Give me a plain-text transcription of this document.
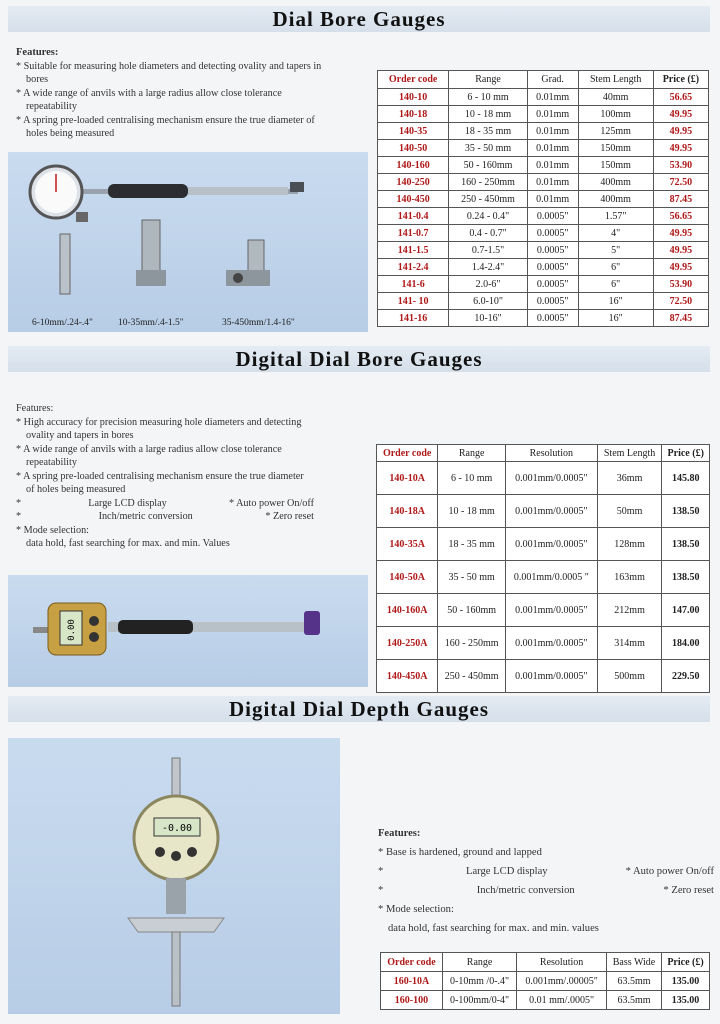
Dial Bore Gauges
Features:
* Suitable for measuring hole diameters and detecting ovality and tapers in bores
* A wide range of anvils with a large radius allow close tolerance repeatability
* A spring pre-loaded centralising mechanism ensure the true diameter of holes being measured
6-10mm/.24-.4"	10-35mm/.4-1.5"	35-450mm/1.4-16"
Order code	Range	Grad.	Stem Length	Price (£)
140-10	6 - 10 mm	0.01mm	40mm	56.65
140-18	10 - 18 mm	0.01mm	100mm	49.95
140-35	18 - 35 mm	0.01mm	125mm	49.95
140-50	35 - 50 mm	0.01mm	150mm	49.95
140-160	50 - 160mm	0.01mm	150mm	53.90
140-250	160 - 250mm	0.01mm	400mm	72.50
140-450	250 - 450mm	0.01mm	400mm	87.45
141-0.4	0.24 - 0.4"	0.0005"	1.57"	56.65
141-0.7	0.4 - 0.7"	0.0005"	4"	49.95
141-1.5	0.7-1.5"	0.0005"	5"	49.95
141-2.4	1.4-2.4"	0.0005"	6"	49.95
141-6	2.0-6"	0.0005"	6"	53.90
141- 10	6.0-10"	0.0005"	16"	72.50
141-16	10-16"	0.0005"	16"	87.45
Digital Dial Bore Gauges
Features:
* High accuracy for precision measuring hole diameters and detecting ovality and tapers in bores
* A wide range of anvils with a large radius allow close tolerance repeatability
* A spring pre-loaded centralising mechanism ensure the true diameter of holes being measured
* Large LCD display	* Auto power On/off
* Inch/metric conversion	* Zero reset
* Mode selection:
data hold, fast searching for max. and min. Values
0.00
Order code	Range	Resolution	Stem Length	Price (£)
140-10A	6 - 10 mm	0.001mm/0.0005"	36mm	145.80
140-18A	10 - 18 mm	0.001mm/0.0005"	50mm	138.50
140-35A	18 - 35 mm	0.001mm/0.0005"	128mm	138.50
140-50A	35 - 50 mm	0.001mm/0.0005 "	163mm	138.50
140-160A	50 - 160mm	0.001mm/0.0005"	212mm	147.00
140-250A	160 - 250mm	0.001mm/0.0005"	314mm	184.00
140-450A	250 - 450mm	0.001mm/0.0005"	500mm	229.50
Digital Dial Depth Gauges
-0.00	Features:
* Base is hardened, ground and lapped
* Large LCD display	* Auto power On/off
* Inch/metric conversion	* Zero reset
* Mode selection:
data hold, fast searching for max. and min. values
Order code	Range	Resolution	Bass Wide	Price (£)
160-10A	0-10mm /0-.4"	0.001mm/.00005"	63.5mm	135.00
160-100	0-100mm/0-4"	0.01 mm/.0005"	63.5mm	135.00
